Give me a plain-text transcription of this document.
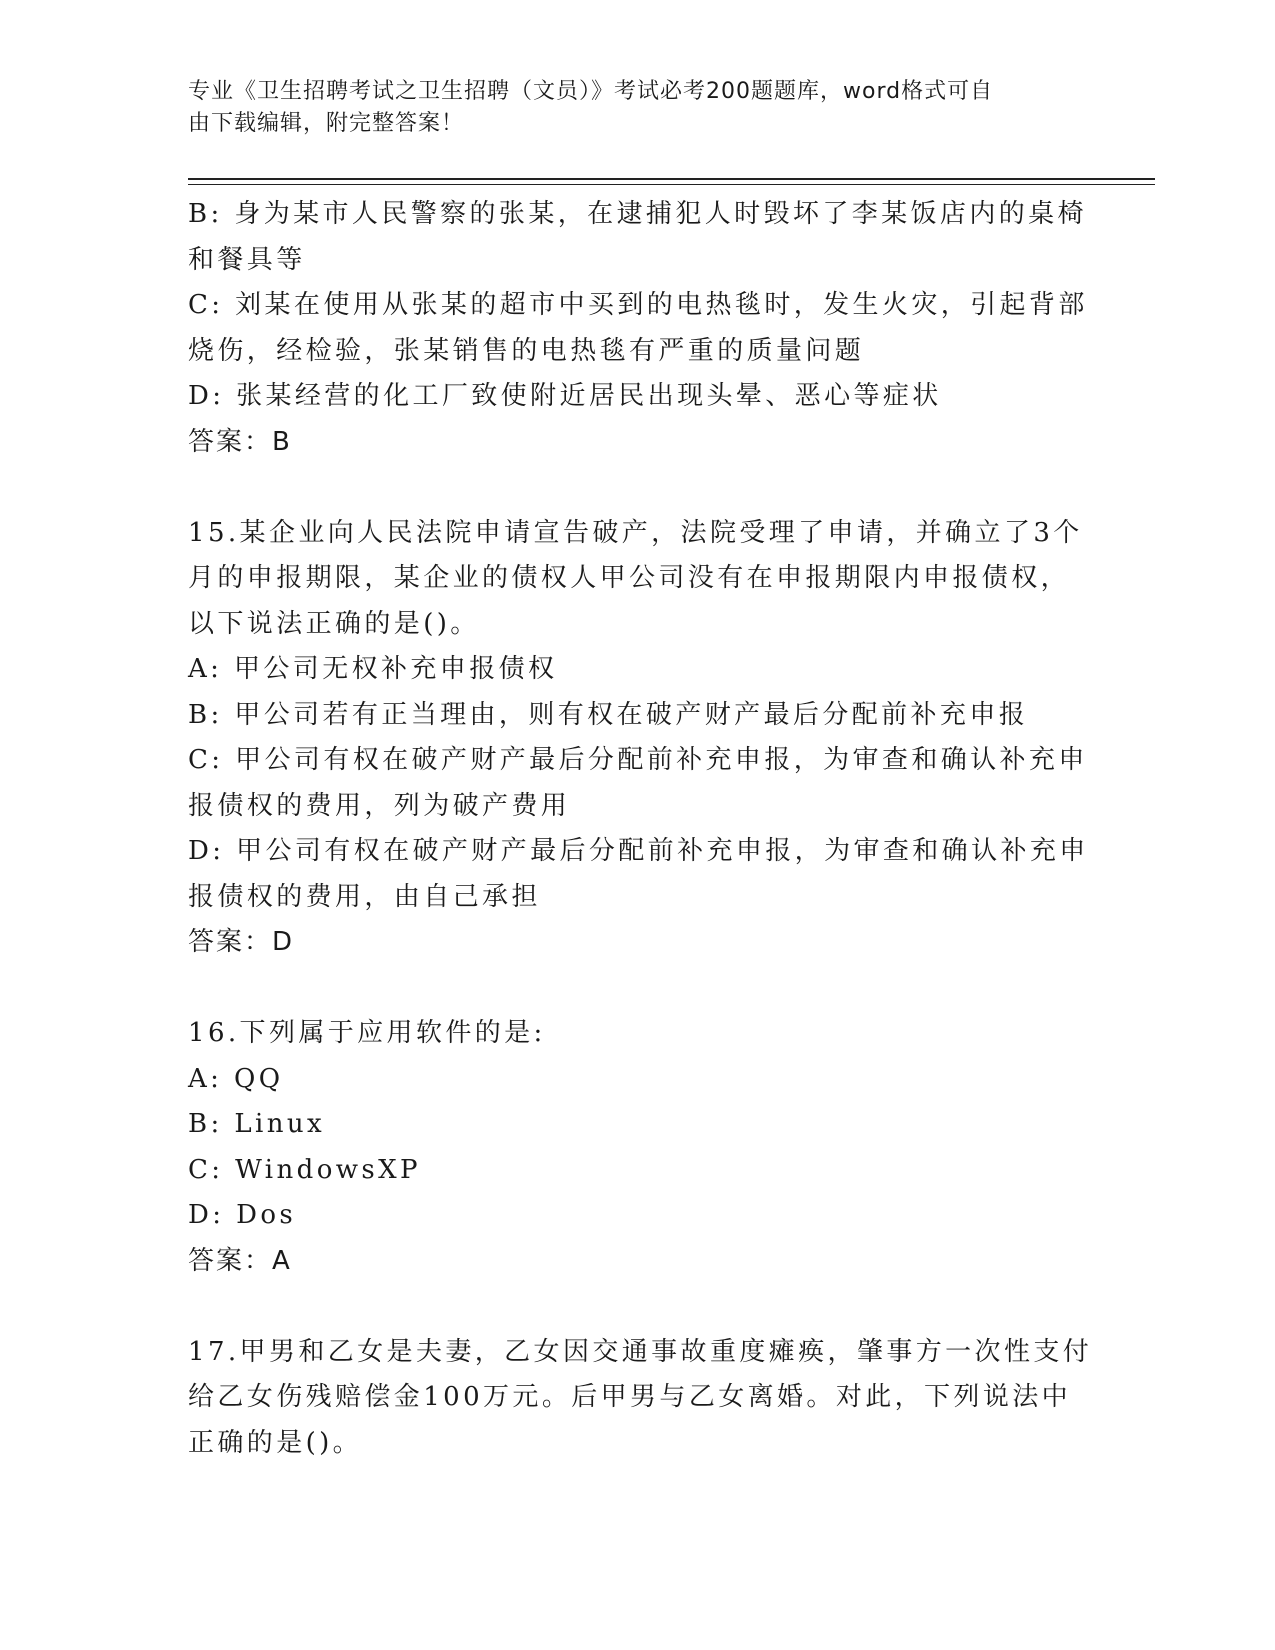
专业《卫生招聘考试之卫生招聘（文员）》考试必考200题题库，word格式可自
由下载编辑，附完整答案！
B: 身为某市人民警察的张某，在逮捕犯人时毁坏了李某饭店内的桌椅
和餐具等
C: 刘某在使用从张某的超市中买到的电热毯时，发生火灾，引起背部
烧伤，经检验，张某销售的电热毯有严重的质量问题
D: 张某经营的化工厂致使附近居民出现头晕、恶心等症状
答案：B
15.某企业向人民法院申请宣告破产，法院受理了申请，并确立了3个
月的申报期限，某企业的债权人甲公司没有在申报期限内申报债权，
以下说法正确的是()。
A: 甲公司无权补充申报债权
B: 甲公司若有正当理由，则有权在破产财产最后分配前补充申报
C: 甲公司有权在破产财产最后分配前补充申报，为审查和确认补充申
报债权的费用，列为破产费用
D: 甲公司有权在破产财产最后分配前补充申报，为审查和确认补充申
报债权的费用，由自己承担
答案：D
16.下列属于应用软件的是:
A: QQ
B: Linux
C: WindowsXP
D: Dos
答案：A
17.甲男和乙女是夫妻，乙女因交通事故重度瘫痪，肇事方一次性支付
给乙女伤残赔偿金100万元。后甲男与乙女离婚。对此，下列说法中
正确的是()。
